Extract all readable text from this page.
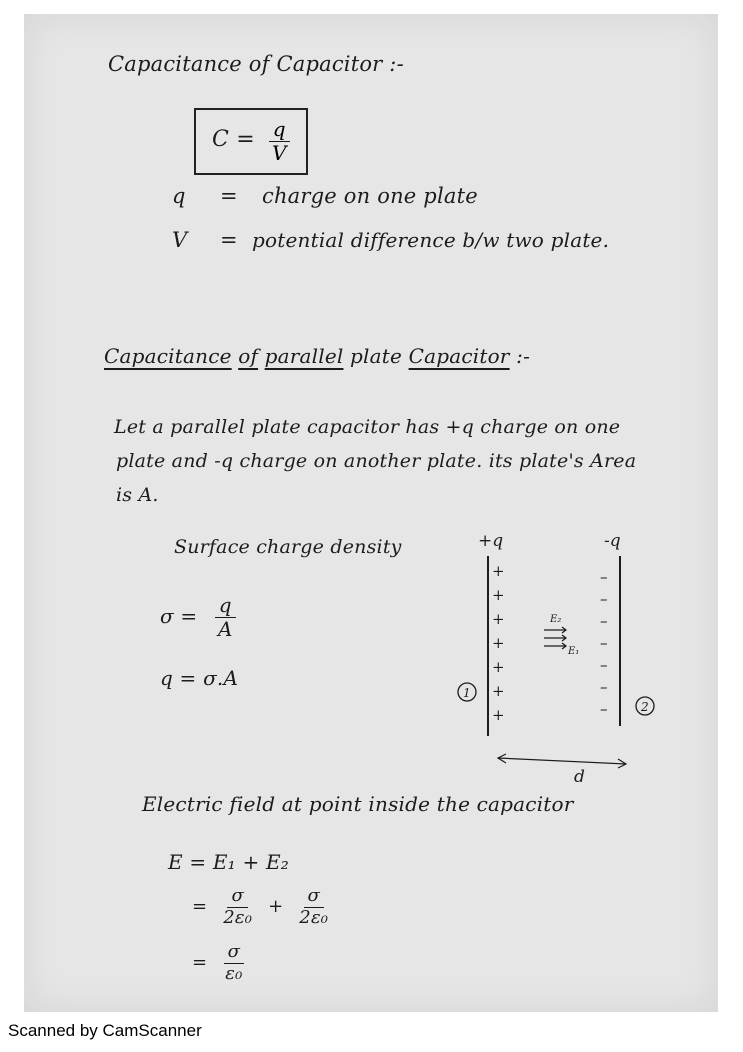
Capacitance of Capacitor :-
$C = \frac{q}{V}$
q = charge on one plate
V = potential difference b/w two plate.
Capacitance of parallel plate Capacitor :-
Let a parallel plate capacitor has +q charge on one
plate and -q charge on another plate. its plate's Area
is A.
Surface charge density
$\sigma = \frac{q}{A}$
q = σ.A
+q	-q
+
+
+
+
+
+
+
–
–
–
–
–
–
–
E₂
E₁
1
2
d
Electric field at point inside the capacitor
E = E₁ + E₂
= $\frac{\sigma}{\text{2ε₀}} + \frac{\sigma}{\text{2ε₀}}$
= $\frac{\sigma}{\text{ε₀}}$
Scanned by CamScanner
